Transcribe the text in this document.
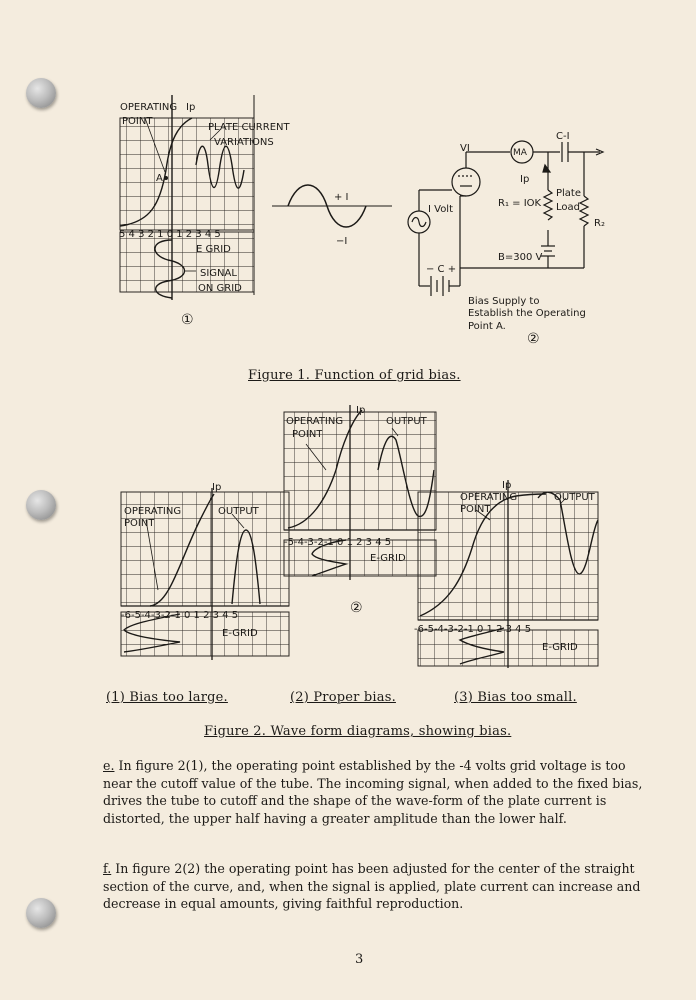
OPERATING
POINT
Ip
PLATE CURRENT
VARIATIONS
A
5 4 3 2 1 0 1 2 3 4 5
E GRID
SIGNAL
ON GRID
①
+ I
−I
VI	MA
C-I
Ip
I Volt
R₁ = IOK
Plate
Load
R₂
B=300 V
− C +
Bias Supply to
Establish the Operating
Point A.
②
OPERATING
POINT
Ip
OUTPUT
-6-5-4-3-2-1 0 1 2 3 4 5
E-GRID
OPERATING
POINT
Ip
OUTPUT
-5-4-3-2-1 0 1 2 3 4 5
E-GRID
②
OPERATING
POINT
Ip
OUTPUT
-6-5-4-3-2-1 0 1 2 3 4 5
E-GRID
Figure 1. Function of grid bias.
(1) Bias too large.	(2) Proper bias.	(3) Bias too small.
Figure 2. Wave form diagrams, showing bias.

e. In figure 2(1), the operating point established by the -4 volts grid voltage is too near the cutoff value of the tube. The incoming signal, when added to the fixed bias, drives the tube to cutoff and the shape of the wave-form of the plate current is distorted, the upper half having a greater amplitude than the lower half.

f. In figure 2(2) the operating point has been adjusted for the center of the straight section of the curve, and, when the signal is applied, plate current can increase and decrease in equal amounts, giving faithful reproduction.

3
